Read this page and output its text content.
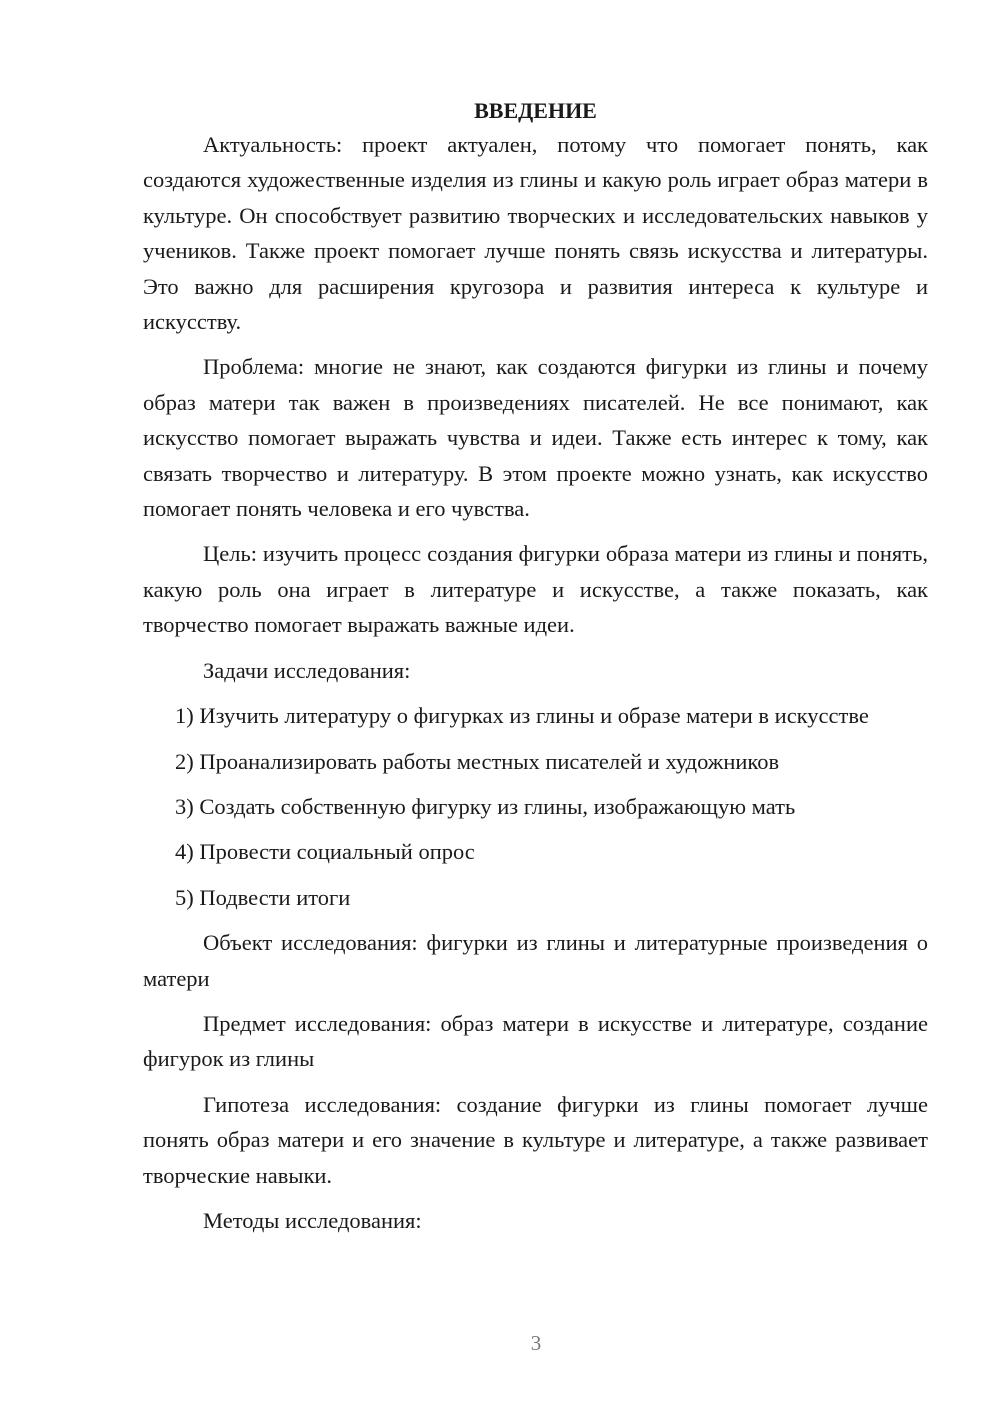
ВВЕДЕНИЕ

Актуальность: проект актуален, потому что помогает понять, как создаются художественные изделия из глины и какую роль играет образ матери в культуре. Он способствует развитию творческих и исследовательских навыков у учеников. Также проект помогает лучше понять связь искусства и литературы. Это важно для расширения кругозора и развития интереса к культуре и искусству.

Проблема: многие не знают, как создаются фигурки из глины и почему образ матери так важен в произведениях писателей. Не все понимают, как искусство помогает выражать чувства и идеи. Также есть интерес к тому, как связать творчество и литературу. В этом проекте можно узнать, как искусство помогает понять человека и его чувства.

Цель: изучить процесс создания фигурки образа матери из глины и понять, какую роль она играет в литературе и искусстве, а также показать, как творчество помогает выражать важные идеи.

Задачи исследования:

1) Изучить литературу о фигурках из глины и образе матери в искусстве

2) Проанализировать работы местных писателей и художников

3) Создать собственную фигурку из глины, изображающую мать

4) Провести социальный опрос

5) Подвести итоги

Объект исследования: фигурки из глины и литературные произведения о матери

Предмет исследования: образ матери в искусстве и литературе, создание фигурок из глины

Гипотеза исследования: создание фигурки из глины помогает лучше понять образ матери и его значение в культуре и литературе, а также развивает творческие навыки.

Методы исследования:

3
